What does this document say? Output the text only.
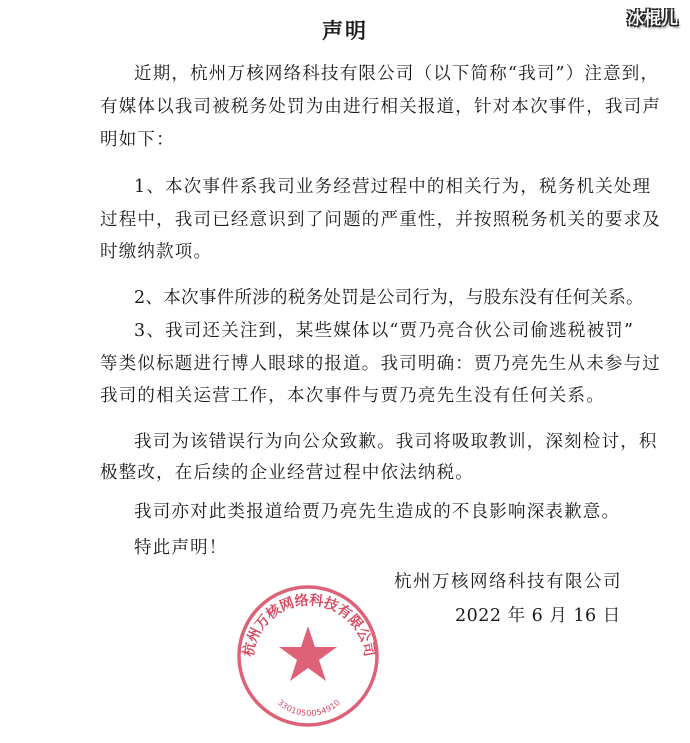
冰棍儿
声明
近期，杭州万核网络科技有限公司（以下简称“我司”）注意到，
有媒体以我司被税务处罚为由进行相关报道，针对本次事件，我司声
明如下：
1、本次事件系我司业务经营过程中的相关行为，税务机关处理
过程中，我司已经意识到了问题的严重性，并按照税务机关的要求及
时缴纳款项。
2、本次事件所涉的税务处罚是公司行为，与股东没有任何关系。
3、我司还关注到，某些媒体以“贾乃亮合伙公司偷逃税被罚”
等类似标题进行博人眼球的报道。我司明确：贾乃亮先生从未参与过
我司的相关运营工作，本次事件与贾乃亮先生没有任何关系。
我司为该错误行为向公众致歉。我司将吸取教训，深刻检讨，积
极整改，在后续的企业经营过程中依法纳税。
我司亦对此类报道给贾乃亮先生造成的不良影响深表歉意。
特此声明！
杭州万核网络科技有限公司
3301050054910
杭州万核网络科技有限公司
2022 年 6 月 16 日
